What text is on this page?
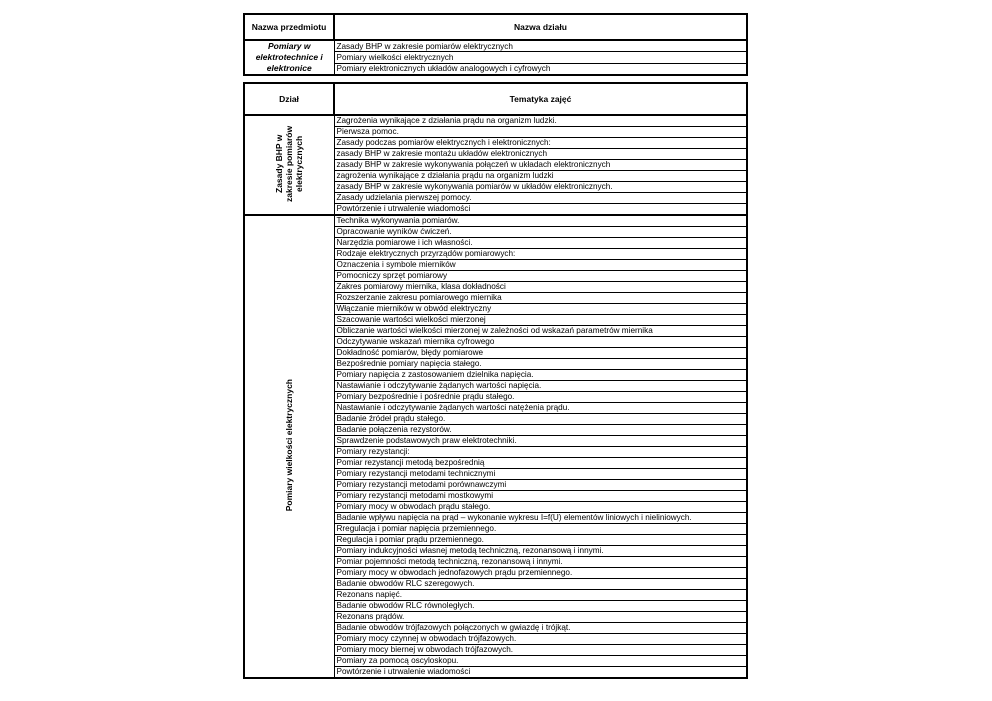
Nazwa przedmiotu	Nazwa działu
Pomiary w elektrotechnice i elektronice	Zasady BHP w zakresie pomiarów elektrycznych
	Pomiary wielkości elektrycznych
	Pomiary elektronicznych układów analogowych i cyfrowych
Dział	Tematyka zajęć
Zasady BHP w zakresie pomiarów elektrycznych	Zagrożenia wynikające z działania prądu na organizm ludzki.
	Pierwsza pomoc.
	Zasady podczas pomiarów elektrycznych i elektronicznych:
	zasady BHP w zakresie montażu układów elektronicznych
	zasady BHP w zakresie wykonywania połączeń w układach elektronicznych
	zagrożenia wynikające z działania prądu na organizm ludzki
	zasady BHP w zakresie wykonywania pomiarów w układów elektronicznych.
	Zasady udzielania pierwszej pomocy.
	Powtórzenie i utrwalenie wiadomości
Pomiary wielkości elektrycznych	Technika wykonywania pomiarów.
	Opracowanie wyników ćwiczeń.
	Narzędzia pomiarowe i ich własności.
	Rodzaje elektrycznych przyrządów pomiarowych:
	Oznaczenia i symbole mierników
	Pomocniczy sprzęt pomiarowy
	Zakres pomiarowy miernika, klasa dokładności
	Rozszerzanie zakresu pomiarowego miernika
	Włączanie mierników w obwód elektryczny
	Szacowanie wartości wielkości mierzonej
	Obliczanie wartości wielkości mierzonej w zależności od wskazań parametrów miernika
	Odczytywanie wskazań miernika cyfrowego
	Dokładność pomiarów, błędy pomiarowe
	Bezpośrednie pomiary napięcia stałego.
	Pomiary napięcia z zastosowaniem dzielnika napięcia.
	Nastawianie i odczytywanie żądanych wartości napięcia.
	Pomiary bezpośrednie i pośrednie prądu stałego.
	Nastawianie i odczytywanie żądanych wartości natężenia prądu.
	Badanie źródeł prądu stałego.
	Badanie połączenia rezystorów.
	Sprawdzenie podstawowych praw elektrotechniki.
	Pomiary rezystancji:
	Pomiar rezystancji metodą bezpośrednią
	Pomiary rezystancji metodami technicznymi
	Pomiary rezystancji metodami porównawczymi
	Pomiary rezystancji metodami mostkowymi
	Pomiary mocy w obwodach prądu stałego.
	Badanie wpływu napięcia na prąd – wykonanie wykresu I=f(U) elementów liniowych i nieliniowych.
	Rregulacja i pomiar napięcia przemiennego.
	Regulacja i pomiar prądu przemiennego.
	Pomiary indukcyjności własnej metodą techniczną, rezonansową i innymi.
	Pomiar pojemności metodą techniczną, rezonansową i innymi.
	Pomiary mocy w obwodach jednofazowych prądu przemiennego.
	Badanie obwodów RLC szeregowych.
	Rezonans napięć.
	Badanie obwodów RLC równoległych.
	Rezonans prądów.
	Badanie obwodów trójfazowych połączonych w gwiazdę i trójkąt.
	Pomiary mocy czynnej w obwodach trójfazowych.
	Pomiary mocy biernej w obwodach trójfazowych.
	Pomiary za pomocą oscyloskopu.
	Powtórzenie i utrwalenie wiadomości
